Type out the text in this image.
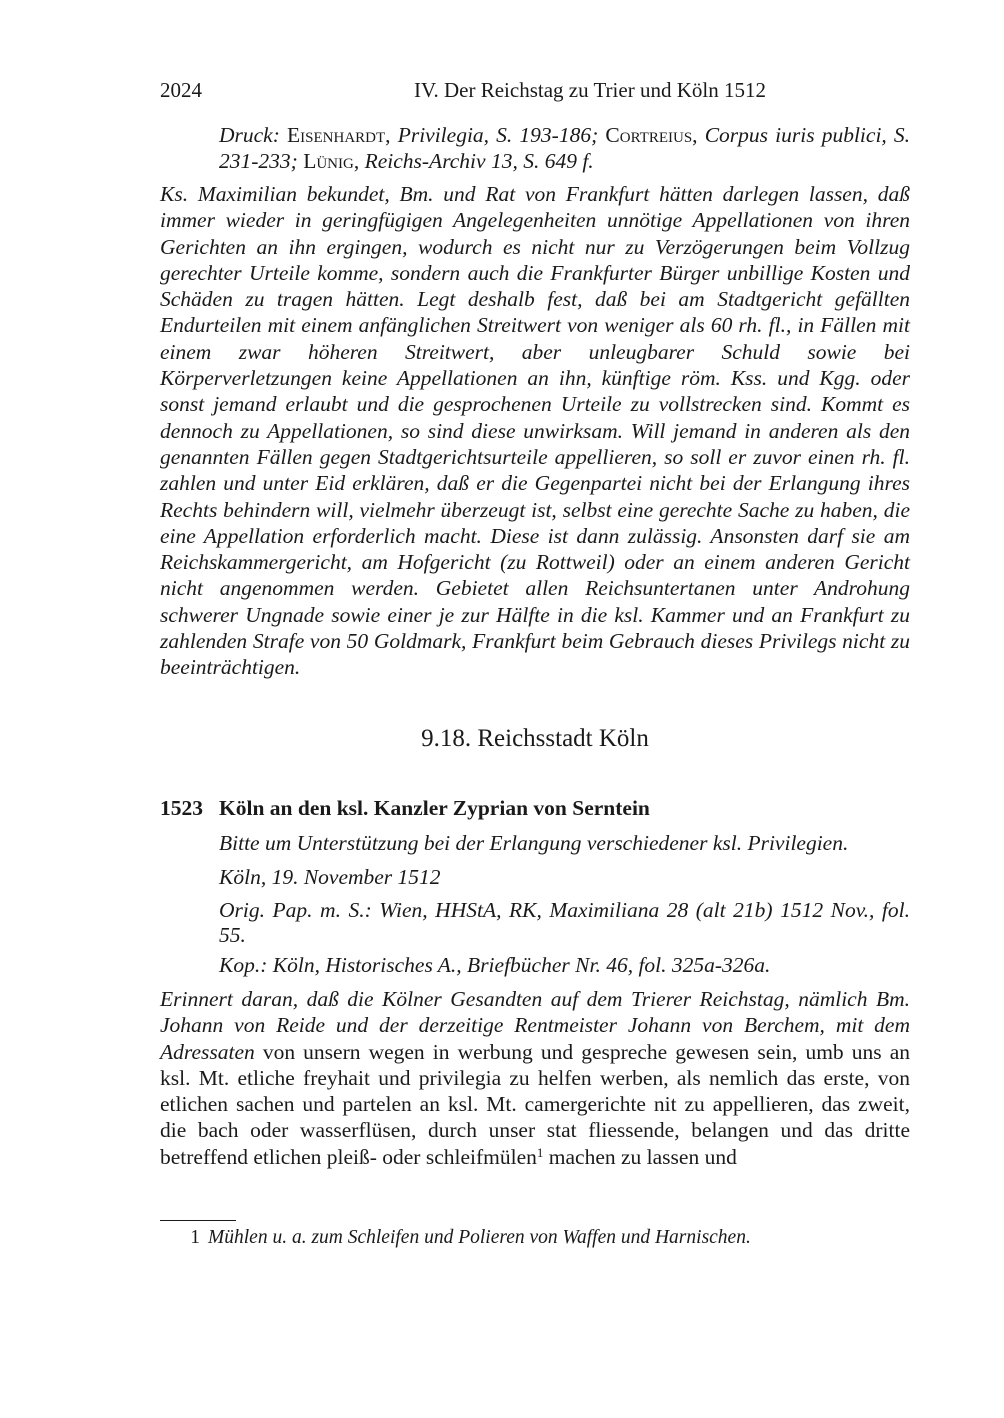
2024	IV. Der Reichstag zu Trier und Köln 1512
Druck: Eisenhardt, Privilegia, S. 193-186; Cortreius, Corpus iuris publici, S. 231-233; Lünig, Reichs-Archiv 13, S. 649 f.
Ks. Maximilian bekundet, Bm. und Rat von Frankfurt hätten darlegen lassen, daß immer wieder in geringfügigen Angelegenheiten unnötige Appellationen von ihren Gerichten an ihn ergingen, wodurch es nicht nur zu Verzögerungen beim Vollzug gerechter Urteile komme, sondern auch die Frankfurter Bürger unbillige Kosten und Schäden zu tragen hätten. Legt deshalb fest, daß bei am Stadtgericht gefällten Endurteilen mit einem anfänglichen Streitwert von weniger als 60 rh. fl., in Fällen mit einem zwar höheren Streitwert, aber unleugbarer Schuld sowie bei Körperverletzungen keine Appellationen an ihn, künftige röm. Kss. und Kgg. oder sonst jemand erlaubt und die gesprochenen Urteile zu vollstrecken sind. Kommt es dennoch zu Appellationen, so sind diese unwirksam. Will jemand in anderen als den genannten Fällen gegen Stadtgerichtsurteile appellieren, so soll er zuvor einen rh. fl. zahlen und unter Eid erklären, daß er die Gegenpartei nicht bei der Erlangung ihres Rechts behindern will, vielmehr überzeugt ist, selbst eine gerechte Sache zu haben, die eine Appellation erforderlich macht. Diese ist dann zulässig. Ansonsten darf sie am Reichskammergericht, am Hofgericht (zu Rottweil) oder an einem anderen Gericht nicht angenommen werden. Gebietet allen Reichsuntertanen unter Androhung schwerer Ungnade sowie einer je zur Hälfte in die ksl. Kammer und an Frankfurt zu zahlenden Strafe von 50 Goldmark, Frankfurt beim Gebrauch dieses Privilegs nicht zu beeinträchtigen.
9.18. Reichsstadt Köln
1523 Köln an den ksl. Kanzler Zyprian von Serntein
Bitte um Unterstützung bei der Erlangung verschiedener ksl. Privilegien.
Köln, 19. November 1512
Orig. Pap. m. S.: Wien, HHStA, RK, Maximiliana 28 (alt 21b) 1512 Nov., fol. 55.
Kop.: Köln, Historisches A., Briefbücher Nr. 46, fol. 325a-326a.
Erinnert daran, daß die Kölner Gesandten auf dem Trierer Reichstag, nämlich Bm. Johann von Reide und der derzeitige Rentmeister Johann von Berchem, mit dem Adressaten von unsern wegen in werbung und gespreche gewesen sein, umb uns an ksl. Mt. etliche freyhait und privilegia zu helfen werben, als nemlich das erste, von etlichen sachen und partelen an ksl. Mt. camergerichte nit zu appellieren, das zweit, die bach oder wasserflüsen, durch unser stat fliessende, belangen und das dritte betreffend etlichen pleiß- oder schleifmülen$^1$ machen zu lassen und
1 Mühlen u. a. zum Schleifen und Polieren von Waffen und Harnischen.
